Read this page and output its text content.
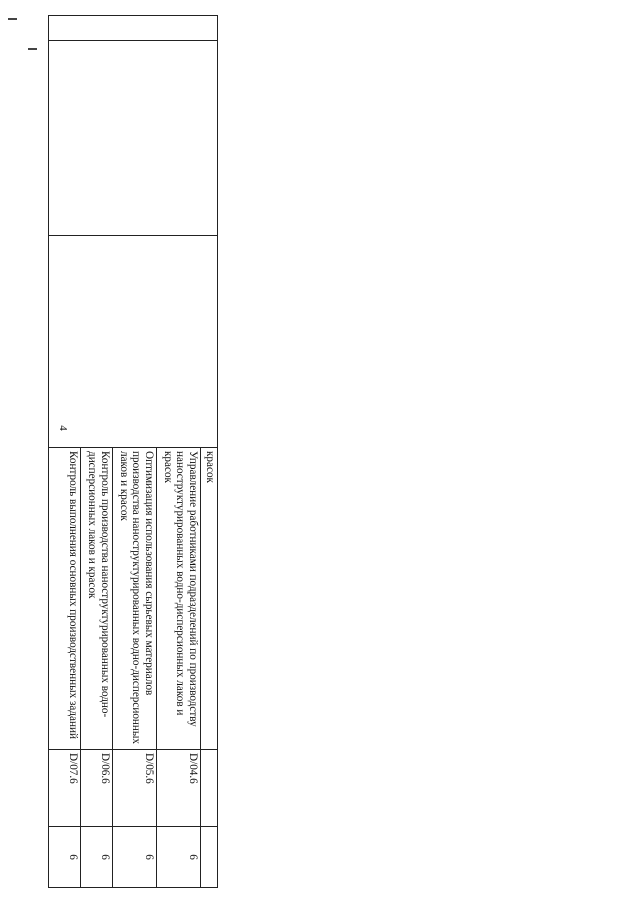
4
			красок		
			Управление работниками подразделений по производству наноструктурированных водно-дисперсионных лаков и красок	D/04.6	6
			Оптимизация использования сырьевых материалов производства наноструктурированных водно-дисперсионных лаков и красок	D/05.6	6
			Контроль производства наноструктурированных водно-дисперсионных лаков и красок	D/06.6	6
			Контроль выполнения основных производственных заданий	D/07.6	6
